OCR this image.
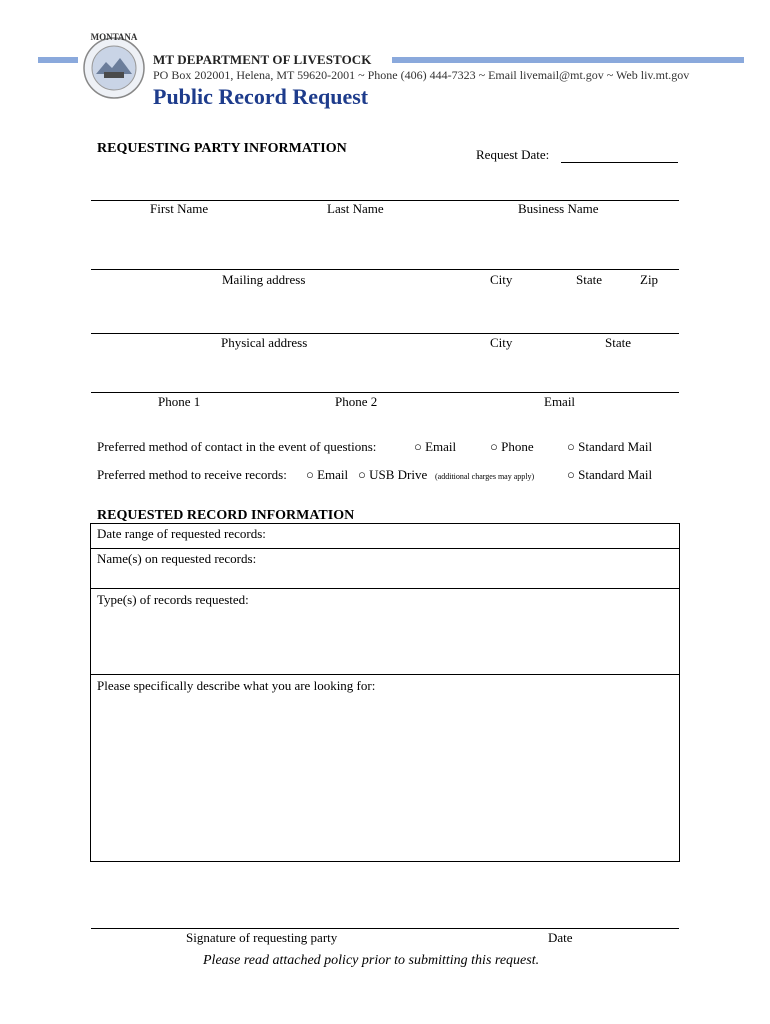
MONTANA
MT DEPARTMENT OF LIVESTOCK
PO Box 202001, Helena, MT 59620-2001 ~ Phone (406) 444-7323 ~ Email livemail@mt.gov ~ Web liv.mt.gov
Public Record Request
REQUESTING PARTY INFORMATION	Request Date:
First Name	Last Name	Business Name
Mailing address	City	State	Zip
Physical address	City	State
Phone 1	Phone 2	Email
Preferred method of contact in the event of questions:	○ Email	○ Phone	○ Standard Mail
Preferred method to receive records: ○ Email ○ USB Drive (additional charges may apply)	○ Standard Mail
REQUESTED RECORD INFORMATION
Date range of requested records:
Name(s) on requested records:
Type(s) of records requested:
Please specifically describe what you are looking for:
Signature of requesting party	Date
Please read attached policy prior to submitting this request.
